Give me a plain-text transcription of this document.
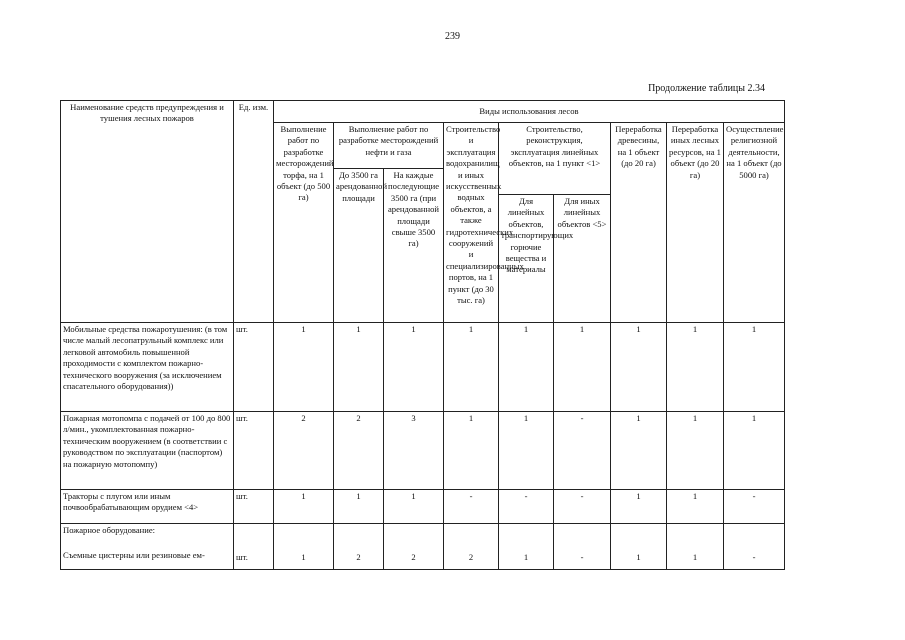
239
Продолжение таблицы 2.34
Наименование средств предупреждения и тушения лесных пожаров	Ед. изм.	Виды использования лесов								
		Выполнение работ по разработке месторождений торфа, на 1 объект (до 500 га)	Выполнение работ по разработке месторождений нефти и газа		Строительство и эксплуатация водохранилищ и иных искусственных водных объектов, а также гидротехнических сооружений и специализированных портов, на 1 пункт (до 30 тыс. га)	Строительство, реконструкция, эксплуатация линейных объектов, на 1 пункт <1>		Переработка древесины, на 1 объект (до 20 га)	Переработка иных лесных ресурсов, на 1 объект (до 20 га)	Осуществление религиозной деятельности, на 1 объект (до 5000 га)
			До 3500 га арендованной площади	На каждые последующие 3500 га (при арендованной площади свыше 3500 га)						
						Для линейных объектов, транспортирующих горючие вещества и материалы	Для иных линейных объектов <5>			
Мобильные средства пожаротушения: (в том числе малый лесопатрульный комплекс или легковой автомобиль повышенной проходимости с комплектом пожарно-технического вооружения (за исключением спасательного оборудования))	шт.	1	1	1	1	1	1	1	1	1
Пожарная мотопомпа с подачей от 100 до 800 л/мин., укомплектованная пожарно-техническим вооружением (в соответствии с руководством по эксплуатации (паспортом) на пожарную мотопомпу)	шт.	2	2	3	1	1	-	1	1	1
Тракторы с плугом или иным почвообрабатывающим орудием <4>	шт.	1	1	1	-	-	-	1	1	-

Пожарное оборудование:
Съемные цистерны или резиновые ем-	шт.	1	2	2	2	1	-	1	1	-
